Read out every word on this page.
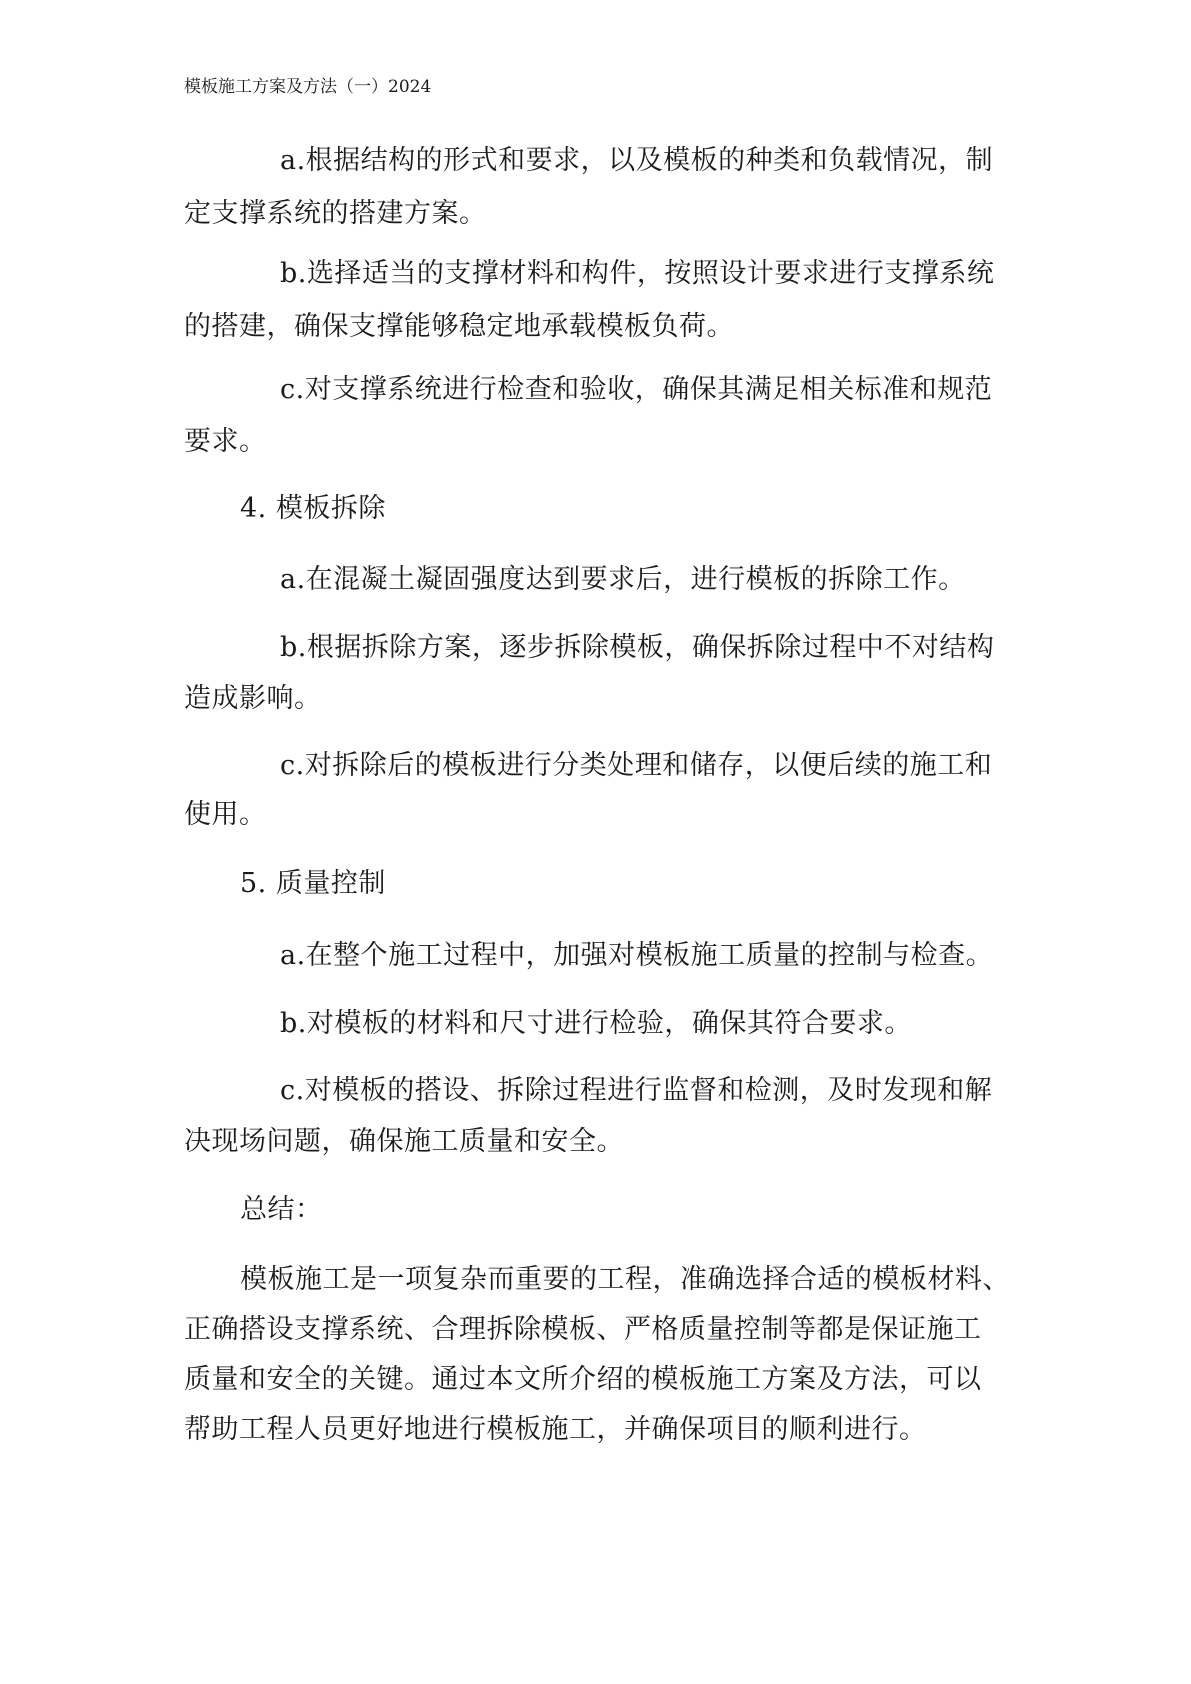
模板施工方案及方法（一）2024
a.根据结构的形式和要求，以及模板的种类和负载情况，制
定支撑系统的搭建方案。
b.选择适当的支撑材料和构件，按照设计要求进行支撑系统
的搭建，确保支撑能够稳定地承载模板负荷。
c.对支撑系统进行检查和验收，确保其满足相关标准和规范
要求。
4. 模板拆除
a.在混凝土凝固强度达到要求后，进行模板的拆除工作。
b.根据拆除方案，逐步拆除模板，确保拆除过程中不对结构
造成影响。
c.对拆除后的模板进行分类处理和储存，以便后续的施工和
使用。
5. 质量控制
a.在整个施工过程中，加强对模板施工质量的控制与检查。
b.对模板的材料和尺寸进行检验，确保其符合要求。
c.对模板的搭设、拆除过程进行监督和检测，及时发现和解
决现场问题，确保施工质量和安全。
总结：
模板施工是一项复杂而重要的工程，准确选择合适的模板材料、
正确搭设支撑系统、合理拆除模板、严格质量控制等都是保证施工
质量和安全的关键。通过本文所介绍的模板施工方案及方法，可以
帮助工程人员更好地进行模板施工，并确保项目的顺利进行。
